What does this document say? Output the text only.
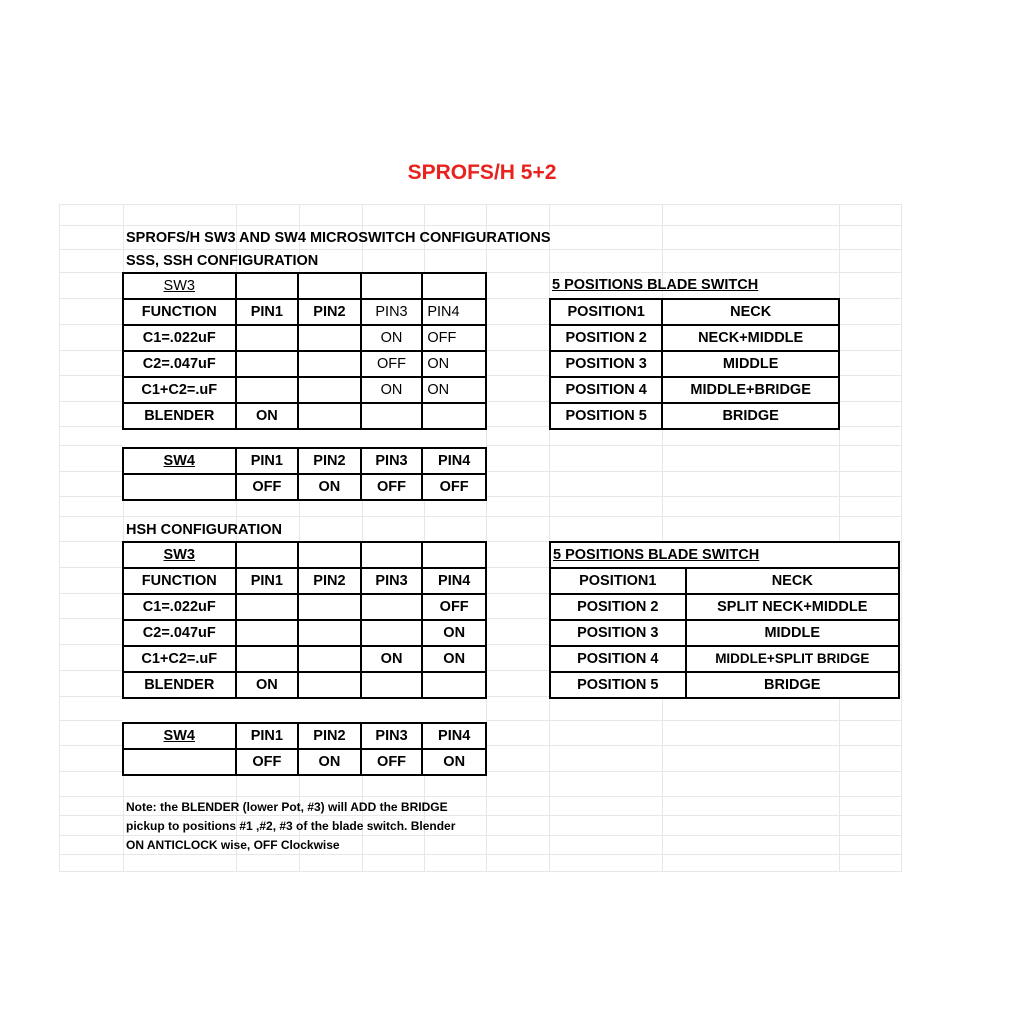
SPROFS/H 5+2
SPROFS/H SW3 AND SW4 MICROSWITCH CONFIGURATIONS
SSS, SSH CONFIGURATION
HSH CONFIGURATION
SW3				
FUNCTION	PIN1	PIN2	PIN3	PIN4
C1=.022uF			ON	OFF
C2=.047uF			OFF	ON
C1+C2=.uF			ON	ON
BLENDER	ON			

SW4	PIN1	PIN2	PIN3	PIN4
	OFF	ON	OFF	OFF
5 POSITIONS BLADE SWITCH
POSITION1	NECK
POSITION 2	NECK+MIDDLE
POSITION 3	MIDDLE
POSITION 4	MIDDLE+BRIDGE
POSITION 5	BRIDGE
SW3				
FUNCTION	PIN1	PIN2	PIN3	PIN4
C1=.022uF				OFF
C2=.047uF				ON
C1+C2=.uF			ON	ON
BLENDER	ON			

SW4	PIN1	PIN2	PIN3	PIN4
	OFF	ON	OFF	ON
5 POSITIONS BLADE SWITCH	
POSITION1	NECK
POSITION 2	SPLIT NECK+MIDDLE
POSITION 3	MIDDLE
POSITION 4	MIDDLE+SPLIT BRIDGE
POSITION 5	BRIDGE
Note: the BLENDER (lower Pot, #3) will ADD the BRIDGE
pickup to positions #1 ,#2, #3 of the blade switch. Blender
ON ANTICLOCK wise, OFF Clockwise
